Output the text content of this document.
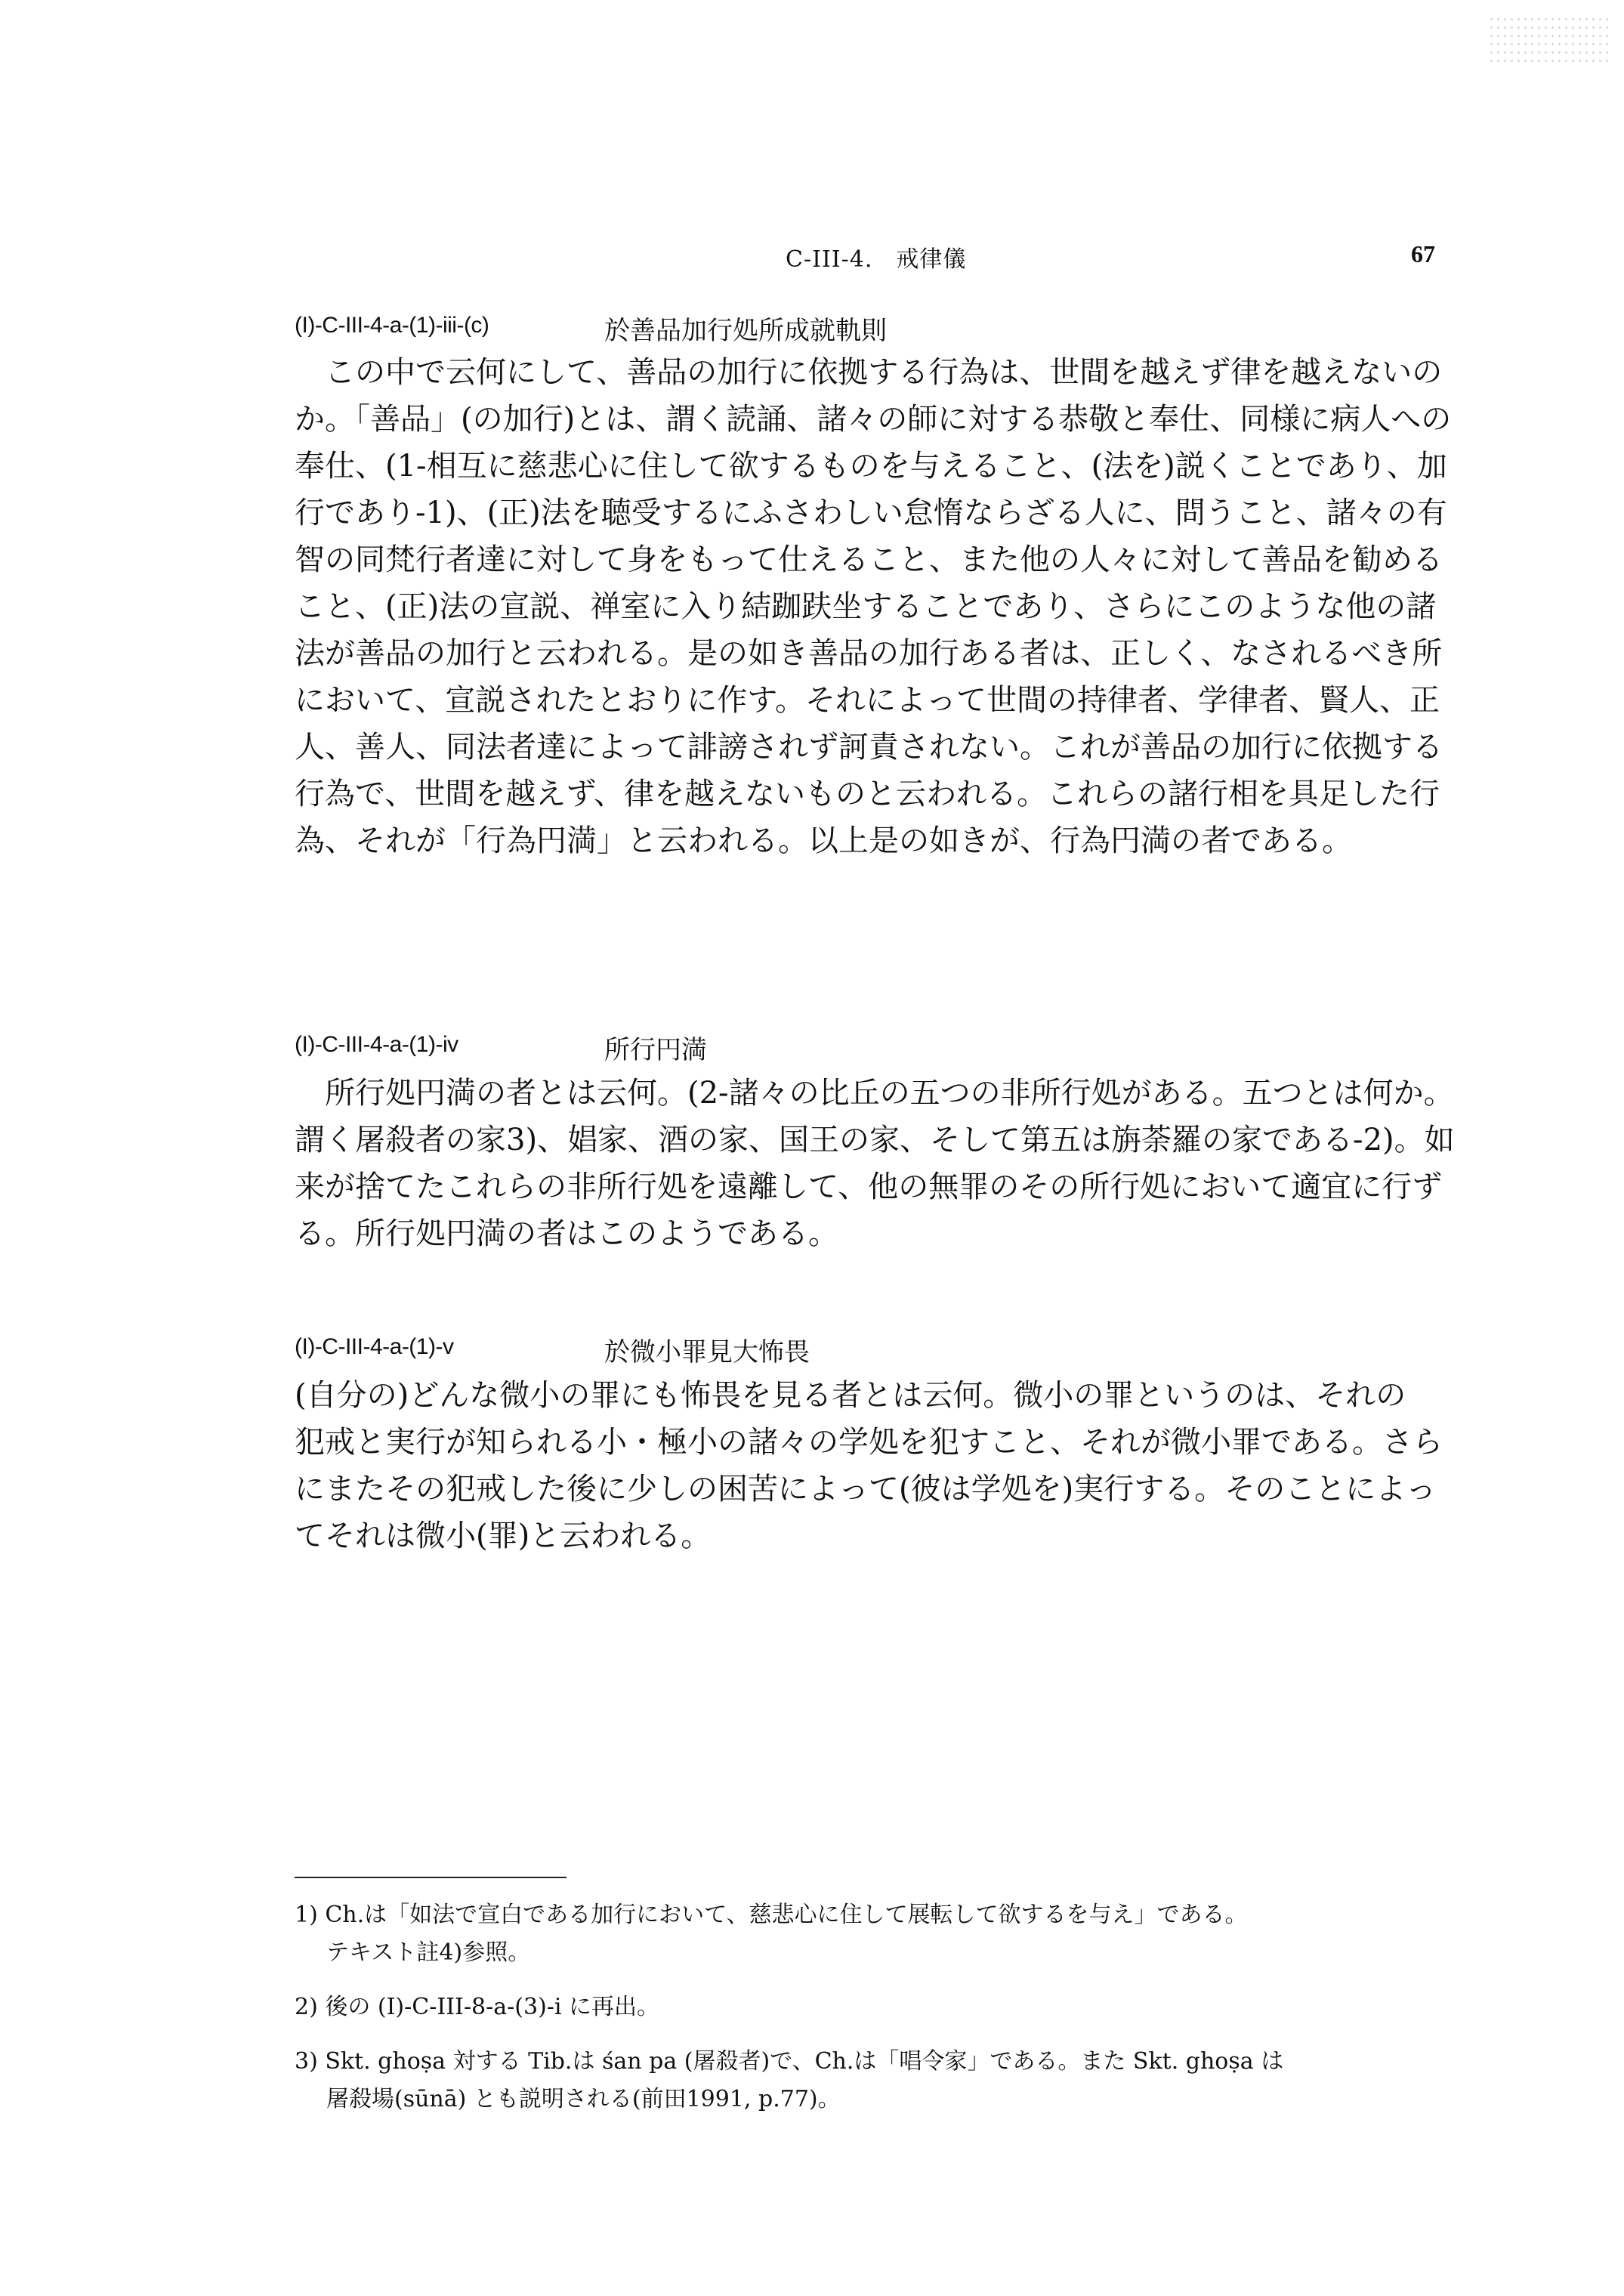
C-III-4.　戒律儀	67
(I)-C-III-4-a-(1)-iii-(c)	於善品加行処所成就軌則
この中で云何にして、善品の加行に依拠する行為は、世間を越えず律を越えないの
か。「善品」(の加行)とは、謂く読誦、諸々の師に対する恭敬と奉仕、同様に病人への
奉仕、(1-相互に慈悲心に住して欲するものを与えること、(法を)説くことであり、加
行であり-1)、(正)法を聴受するにふさわしい怠惰ならざる人に、問うこと、諸々の有
智の同梵行者達に対して身をもって仕えること、また他の人々に対して善品を勧める
こと、(正)法の宣説、禅室に入り結跏趺坐することであり、さらにこのような他の諸
法が善品の加行と云われる。是の如き善品の加行ある者は、正しく、なされるべき所
において、宣説されたとおりに作す。それによって世間の持律者、学律者、賢人、正
人、善人、同法者達によって誹謗されず訶責されない。これが善品の加行に依拠する
行為で、世間を越えず、律を越えないものと云われる。これらの諸行相を具足した行
為、それが「行為円満」と云われる。以上是の如きが、行為円満の者である。
(I)-C-III-4-a-(1)-iv	所行円満
所行処円満の者とは云何。(2-諸々の比丘の五つの非所行処がある。五つとは何か。
謂く屠殺者の家3)、娼家、酒の家、国王の家、そして第五は旃荼羅の家である-2)。如
来が捨てたこれらの非所行処を遠離して、他の無罪のその所行処において適宜に行ず
る。所行処円満の者はこのようである。
(I)-C-III-4-a-(1)-v	於微小罪見大怖畏
(自分の)どんな微小の罪にも怖畏を見る者とは云何。微小の罪というのは、それの
犯戒と実行が知られる小・極小の諸々の学処を犯すこと、それが微小罪である。さら
にまたその犯戒した後に少しの困苦によって(彼は学処を)実行する。そのことによっ
てそれは微小(罪)と云われる。
1) Ch.は「如法で宣白である加行において、慈悲心に住して展転して欲するを与え」である。
テキスト註4)参照。
2) 後の (I)-C-III-8-a-(3)-i に再出。
3) Skt. ghoṣa 対する Tib.は śan pa (屠殺者)で、Ch.は「唱令家」である。また Skt. ghoṣa は
屠殺場(sūnā) とも説明される(前田1991, p.77)。
